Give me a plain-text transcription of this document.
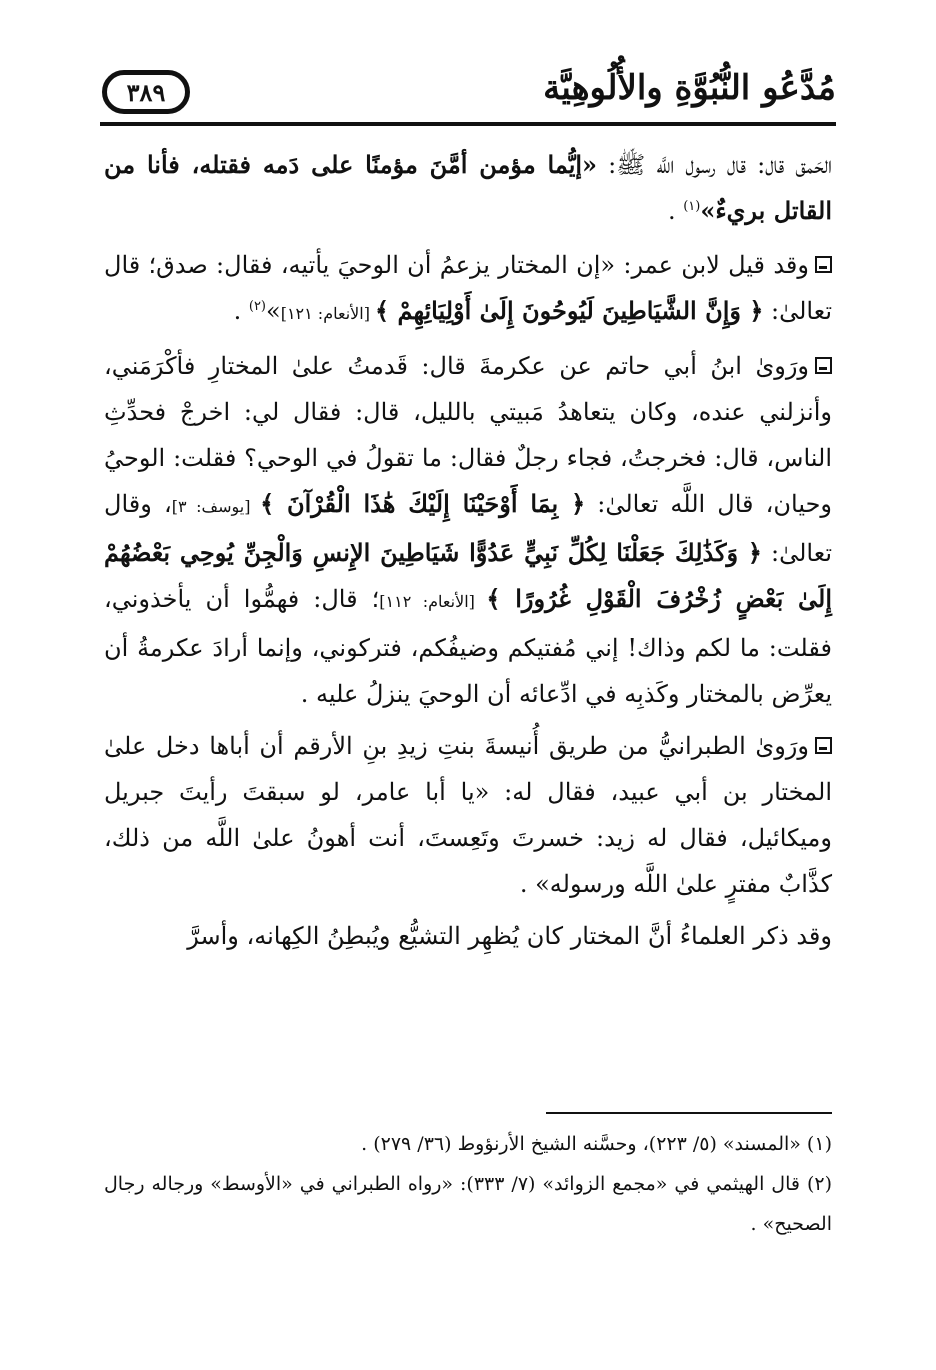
مُدَّعُو النُّبُوَّةِ والأُلُوهِيَّة
٣٨٩

الحَمق قال: قال رسول اللَّه ﷺ: «إيُّما مؤمن أمَّنَ مؤمنًا على دَمه فقتله، فأنا من القاتل بريءٌ»$^{(١)}$ .

وقد قيل لابن عمر: «إن المختار يزعمُ أن الوحيَ يأتيه، فقال: صدق؛ قال تعالىٰ: ﴿ وَإِنَّ الشَّيَاطِينَ لَيُوحُونَ إِلَىٰ أَوْلِيَائِهِمْ ﴾ [الأنعام: ١٢١]»$^{(٢)}$ .

ورَوىٰ ابنُ أبي حاتم عن عكرمةَ قال: قَدمتُ علىٰ المختارِ فأكْرَمَني، وأنزلني عنده، وكان يتعاهدُ مَبيتي بالليل، قال: فقال لي: اخرجْ فحدِّثِ الناس، قال: فخرجتُ، فجاء رجلٌ فقال: ما تقولُ في الوحي؟ فقلت: الوحيُ وحيان، قال اللَّه تعالىٰ: ﴿ بِمَا أَوْحَيْنَا إِلَيْكَ هَٰذَا الْقُرْآنَ ﴾ [يوسف: ٣]، وقال تعالىٰ: ﴿ وَكَذَٰلِكَ جَعَلْنَا لِكُلِّ نَبِيٍّ عَدُوًّا شَيَاطِينَ الإِنسِ وَالْجِنِّ يُوحِي بَعْضُهُمْ إِلَىٰ بَعْضٍ زُخْرُفَ الْقَوْلِ غُرُورًا ﴾ [الأنعام: ١١٢]؛ قال: فهمُّوا أن يأخذوني، فقلت: ما لكم وذاك! إني مُفتيكم وضيفُكم، فتركوني، وإنما أرادَ عكرمةُ أن يعرِّض بالمختار وكَذبِه في ادِّعائه أن الوحيَ ينزلُ عليه .

ورَوىٰ الطبرانيُّ من طريق أُنيسةَ بنتِ زيدِ بنِ الأرقم أن أباها دخل علىٰ المختار بن أبي عبيد، فقال له: «يا أبا عامر، لو سبقتَ رأيتَ جبريل وميكائيل، فقال له زيد: خسرتَ وتَعِستَ، أنت أهونُ علىٰ اللَّه من ذلك، كذَّابٌ مفترٍ علىٰ اللَّه ورسوله» .

وقد ذكر العلماءُ أنَّ المختار كان يُظهِر التشيُّع ويُبطِنُ الكِهانه، وأسرَّ

(١) «المسند» (٥/ ٢٢٣)، وحسَّنه الشيخ الأرنؤوط (٣٦/ ٢٧٩) .

(٢) قال الهيثمي في «مجمع الزوائد» (٧/ ٣٣٣): «رواه الطبراني في «الأوسط» ورجاله رجال الصحيح» .
